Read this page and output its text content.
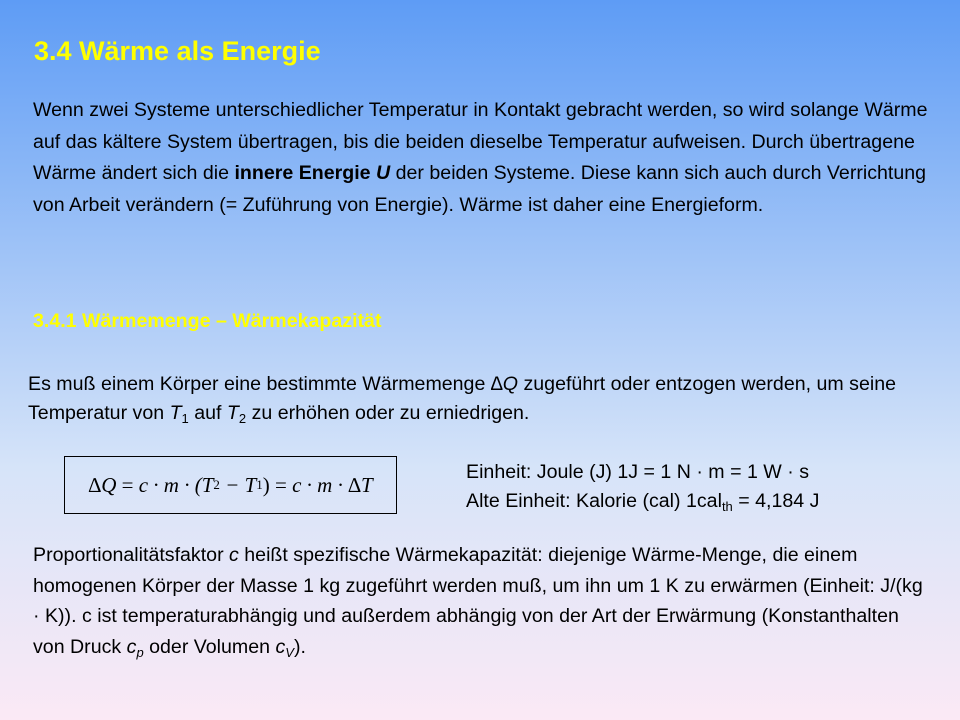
3.4 Wärme als Energie

Wenn zwei Systeme unterschiedlicher Temperatur in Kontakt gebracht werden, so wird solange Wärme auf das kältere System übertragen, bis die beiden dieselbe Temperatur aufweisen. Durch übertragene Wärme ändert sich die innere Energie U der beiden Systeme. Diese kann sich auch durch Verrichtung von Arbeit verändern (= Zuführung von Energie). Wärme ist daher eine Energieform.

3.4.1 Wärmemenge – Wärmekapazität

Es muß einem Körper eine bestimmte Wärmemenge ∆Q zugeführt oder entzogen werden, um seine Temperatur von $T_1$ auf $T_2$ zu erhöhen oder zu erniedrigen.

∆Q = c · m · (T 2 − T 1 ) = c · m · ∆T
Einheit: Joule (J) 1J = 1 N · m = 1 W · s
Alte Einheit: Kalorie (cal) 1cal$_{th}$ = 4,184 J

Proportionalitätsfaktor c heißt spezifische Wärmekapazität: diejenige Wärme-Menge, die einem homogenen Körper der Masse 1 kg zugeführt werden muß, um ihn um 1 K zu erwärmen (Einheit: J/(kg · K)). c ist temperaturabhängig und außerdem abhängig von der Art der Erwärmung (Konstanthalten von Druck $c_p$ oder Volumen $c_V$).
